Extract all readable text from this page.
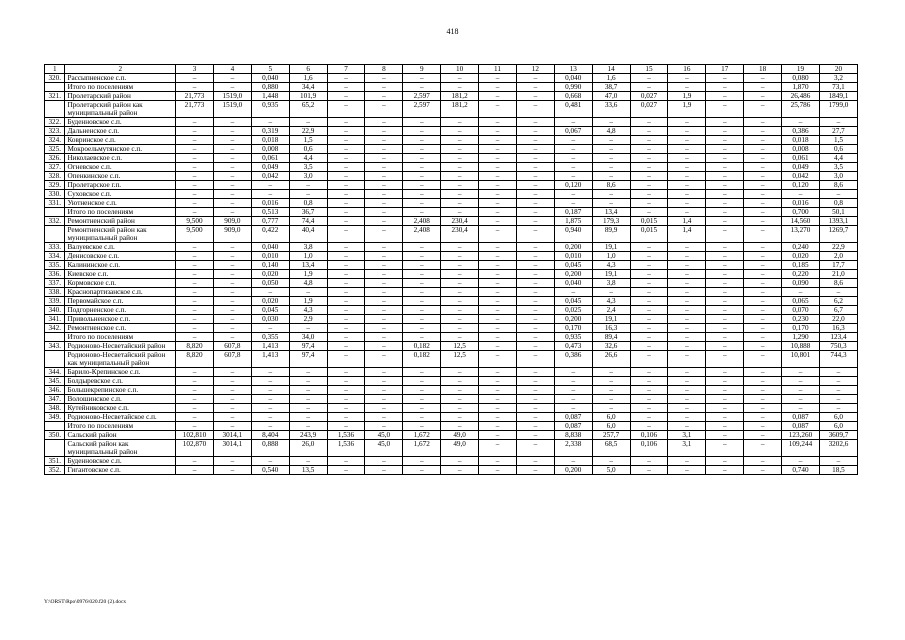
418
1	2	3	4	5	6	7	8	9	10	11	12	13	14	15	16	17	18	19	20
320.	Рассыпненское с.п.	–	–	0,040	1,6	–	–	–	–	–	–	0,040	1,6	–	–	–	–	0,080	3,2
	Итого по поселениям	–	–	0,880	34,4	–	–	–	–	–	–	0,990	38,7	–	–	–	–	1,870	73,1
321.	Пролетарский район	21,773	1519,0	1,448	101,9	–	–	2,597	181,2	–	–	0,668	47,0	0,027	1,9	–	–	26,486	1849,1
	Пролетарский район как муниципальный район	21,773	1519,0	0,935	65,2	–	–	2,597	181,2	–	–	0,481	33,6	0,027	1,9	–	–	25,786	1799,0
322.	Буденновское с.п.	–	–	–	–	–	–	–	–	–	–	–	–	–	–	–	–	–	–
323.	Дальненское с.п.	–	–	0,319	22,9	–	–	–	–	–	–	0,067	4,8	–	–	–	–	0,386	27,7
324.	Ковринское с.п.	–	–	0,018	1,5	–	–	–	–	–	–	–	–	–	–	–	–	0,018	1,5
325.	Мокроельмутянское с.п.	–	–	0,008	0,6	–	–	–	–	–	–	–	–	–	–	–	–	0,008	0,6
326.	Николаевское с.п.	–	–	0,061	4,4	–	–	–	–	–	–	–	–	–	–	–	–	0,061	4,4
327.	Огневское с.п.	–	–	0,049	3,5	–	–	–	–	–	–	–	–	–	–	–	–	0,049	3,5
328.	Опенкинское с.п.	–	–	0,042	3,0	–	–	–	–	–	–	–	–	–	–	–	–	0,042	3,0
329.	Пролетарское г.п.	–	–	–	–	–	–	–	–	–	–	0,120	8,6	–	–	–	–	0,120	8,6
330.	Суховское с.п.	–	–	–	–	–	–	–	–	–	–	–	–	–	–	–	–	–	–
331.	Уютненское с.п.	–	–	0,016	0,8	–	–	–	–	–	–	–	–	–	–	–	–	0,016	0,8
	Итого по поселениям	–	–	0,513	36,7	–	–	–	–	–	–	0,187	13,4	–	–	–	–	0,700	50,1
332.	Ремонтненский район	9,500	909,0	0,777	74,4	–	–	2,408	230,4	–	–	1,875	179,3	0,015	1,4	–	–	14,560	1393,1
	Ремонтненский район как муниципальный район	9,500	909,0	0,422	40,4	–	–	2,408	230,4	–	–	0,940	89,9	0,015	1,4	–	–	13,270	1269,7
333.	Валуевское с.п.	–	–	0,040	3,8	–	–	–	–	–	–	0,200	19,1	–	–	–	–	0,240	22,9
334.	Денисовское с.п.	–	–	0,010	1,0	–	–	–	–	–	–	0,010	1,0	–	–	–	–	0,020	2,0
335.	Калининское с.п.	–	–	0,140	13,4	–	–	–	–	–	–	0,045	4,3	–	–	–	–	0,185	17,7
336.	Киевское с.п.	–	–	0,020	1,9	–	–	–	–	–	–	0,200	19,1	–	–	–	–	0,220	21,0
337.	Кормовское с.п.	–	–	0,050	4,8	–	–	–	–	–	–	0,040	3,8	–	–	–	–	0,090	8,6
338.	Краснопартизанское с.п.	–	–	–	–	–	–	–	–	–	–	–	–	–	–	–	–	–	–
339.	Первомайское с.п.	–	–	0,020	1,9	–	–	–	–	–	–	0,045	4,3	–	–	–	–	0,065	6,2
340.	Подгорненское с.п.	–	–	0,045	4,3	–	–	–	–	–	–	0,025	2,4	–	–	–	–	0,070	6,7
341.	Привольненское с.п.	–	–	0,030	2,9	–	–	–	–	–	–	0,200	19,1	–	–	–	–	0,230	22,0
342.	Ремонтненское с.п.	–	–	–	–	–	–	–	–	–	–	0,170	16,3	–	–	–	–	0,170	16,3
	Итого по поселениям	–	–	0,355	34,0	–	–	–	–	–	–	0,935	89,4	–	–	–	–	1,290	123,4
343.	Родионово-Несветайский район	8,820	607,8	1,413	97,4	–	–	0,182	12,5	–	–	0,473	32,6	–	–	–	–	10,888	750,3
	Родионово-Несветайский район как муниципальный район	8,820	607,8	1,413	97,4	–	–	0,182	12,5	–	–	0,386	26,6	–	–	–	–	10,801	744,3
344.	Барило-Крепинское с.п.	–	–	–	–	–	–	–	–	–	–	–	–	–	–	–	–	–	–
345.	Болдыревское с.п.	–	–	–	–	–	–	–	–	–	–	–	–	–	–	–	–	–	–
346.	Большекрепинское с.п.	–	–	–	–	–	–	–	–	–	–	–	–	–	–	–	–	–	–
347.	Волошинское с.п.	–	–	–	–	–	–	–	–	–	–	–	–	–	–	–	–	–	–
348.	Кутейниковское с.п.	–	–	–	–	–	–	–	–	–	–	–	–	–	–	–	–	–	–
349.	Родионово-Несветайское с.п.	–	–	–	–	–	–	–	–	–	–	0,087	6,0	–	–	–	–	0,087	6,0
	Итого по поселениям	–	–	–	–	–	–	–	–	–	–	0,087	6,0	–	–	–	–	0,087	6,0
350.	Сальский район	102,810	3014,1	8,404	243,9	1,536	45,0	1,672	49,0	–	–	8,838	257,7	0,106	3,1	–	–	123,260	3609,7
	Сальский район как муниципальный район	102,870	3014,1	0,888	26,0	1,536	45,0	1,672	49,0	–	–	2,338	68,5	0,106	3,1	–	–	109,244	3202,6
351.	Буденновское с.п.	–	–	–	–	–	–	–	–	–	–	–	–	–	–	–	–	–	–
352.	Гигантовское с.п.	–	–	0,540	13,5	–	–	–	–	–	–	0,200	5,0	–	–	–	–	0,740	18,5
Y:\ORST\Rpo\0976\020.f20 (2).docx
